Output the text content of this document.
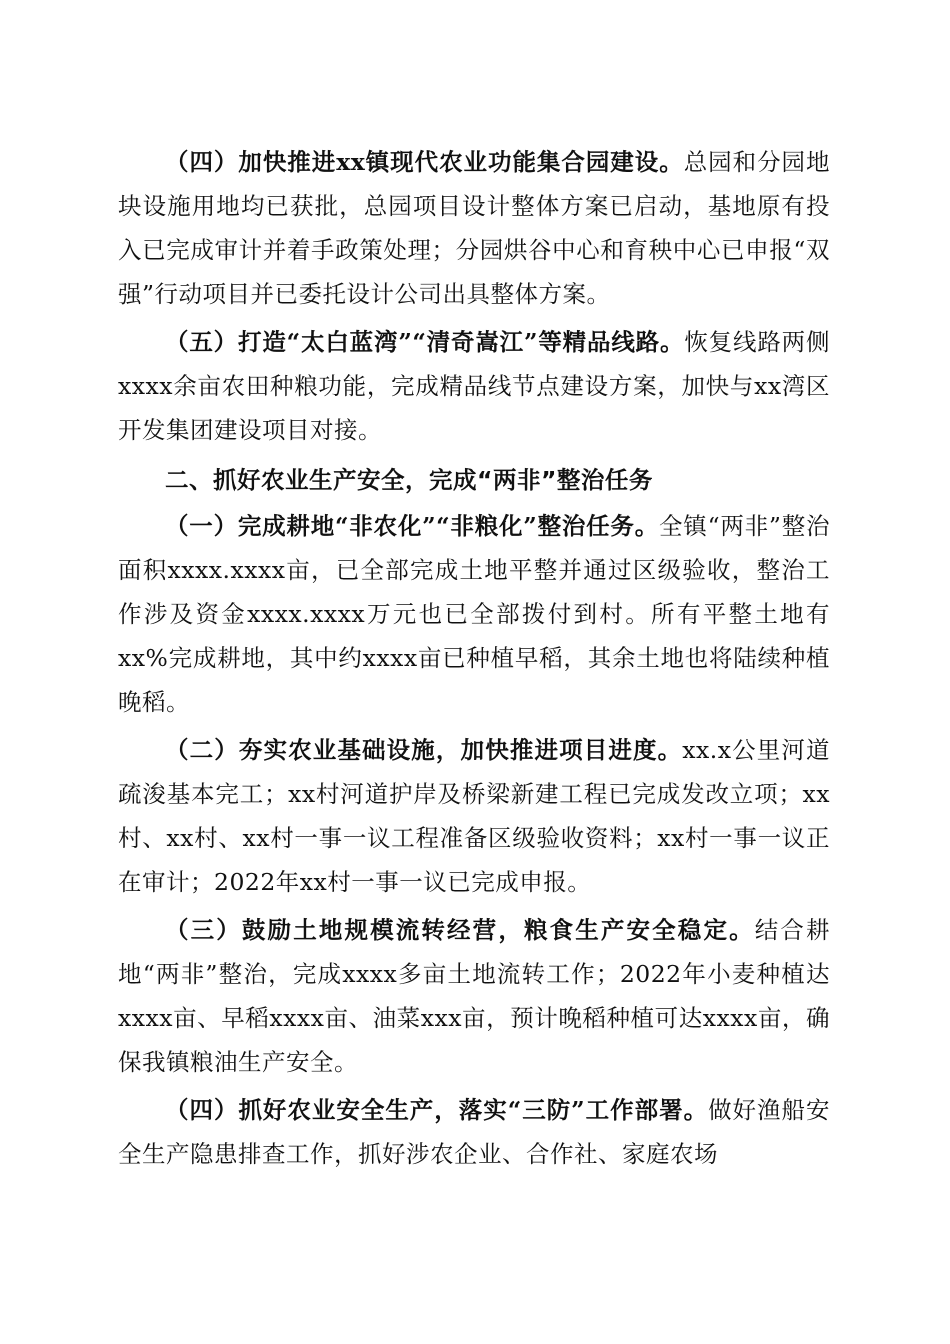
（四）加快推进xx镇现代农业功能集合园建设。总园和分园地块设施用地均已获批，总园项目设计整体方案已启动，基地原有投入已完成审计并着手政策处理；分园烘谷中心和育秧中心已申报“双强”行动项目并已委托设计公司出具整体方案。

（五）打造“太白蓝湾”“清奇嵩江”等精品线路。恢复线路两侧xxxx余亩农田种粮功能，完成精品线节点建设方案，加快与xx湾区开发集团建设项目对接。

二、抓好农业生产安全，完成“两非”整治任务

（一）完成耕地“非农化”“非粮化”整治任务。全镇“两非”整治面积xxxx.xxxx亩，已全部完成土地平整并通过区级验收，整治工作涉及资金xxxx.xxxx万元也已全部拨付到村。所有平整土地有xx%完成耕地，其中约xxxx亩已种植早稻，其余土地也将陆续种植晚稻。

（二）夯实农业基础设施，加快推进项目进度。xx.x公里河道疏浚基本完工；xx村河道护岸及桥梁新建工程已完成发改立项；xx村、xx村、xx村一事一议工程准备区级验收资料；xx村一事一议正在审计；2022年xx村一事一议已完成申报。

（三）鼓励土地规模流转经营，粮食生产安全稳定。结合耕地“两非”整治，完成xxxx多亩土地流转工作；2022年小麦种植达xxxx亩、早稻xxxx亩、油菜xxx亩，预计晚稻种植可达xxxx亩，确保我镇粮油生产安全。

（四）抓好农业安全生产，落实“三防”工作部署。做好渔船安全生产隐患排查工作，抓好涉农企业、合作社、家庭农场
